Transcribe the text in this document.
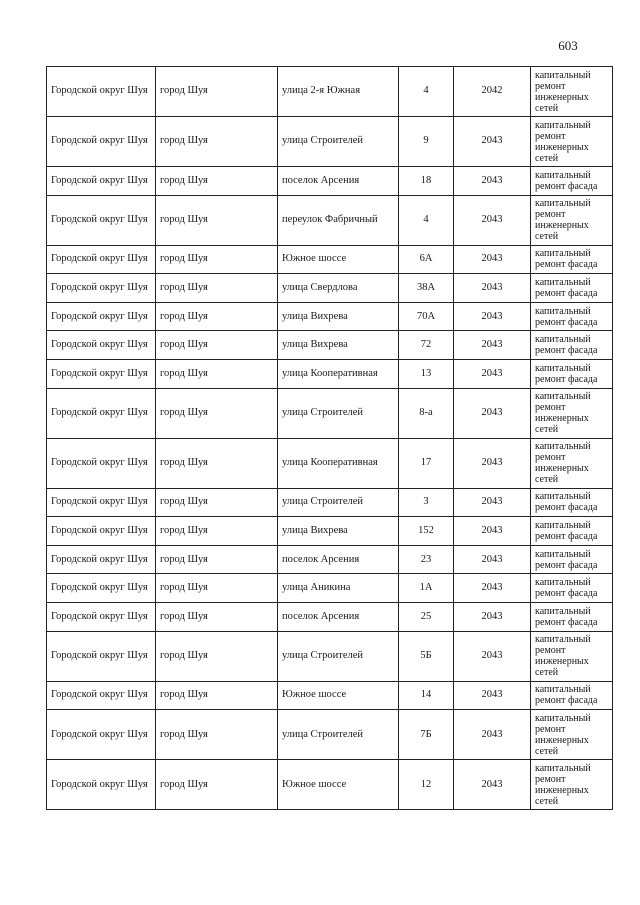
603
Городской округ Шуя	город Шуя	улица 2-я Южная	4	2042	капитальный ремонт инженерных сетей
Городской округ Шуя	город Шуя	улица Строителей	9	2043	капитальный ремонт инженерных сетей
Городской округ Шуя	город Шуя	поселок Арсения	18	2043	капитальный ремонт фасада
Городской округ Шуя	город Шуя	переулок Фабричный	4	2043	капитальный ремонт инженерных сетей
Городской округ Шуя	город Шуя	Южное шоссе	6А	2043	капитальный ремонт фасада
Городской округ Шуя	город Шуя	улица Свердлова	38А	2043	капитальный ремонт фасада
Городской округ Шуя	город Шуя	улица Вихрева	70А	2043	капитальный ремонт фасада
Городской округ Шуя	город Шуя	улица Вихрева	72	2043	капитальный ремонт фасада
Городской округ Шуя	город Шуя	улица Кооперативная	13	2043	капитальный ремонт фасада
Городской округ Шуя	город Шуя	улица Строителей	8-а	2043	капитальный ремонт инженерных сетей
Городской округ Шуя	город Шуя	улица Кооперативная	17	2043	капитальный ремонт инженерных сетей
Городской округ Шуя	город Шуя	улица Строителей	3	2043	капитальный ремонт фасада
Городской округ Шуя	город Шуя	улица Вихрева	152	2043	капитальный ремонт фасада
Городской округ Шуя	город Шуя	поселок Арсения	23	2043	капитальный ремонт фасада
Городской округ Шуя	город Шуя	улица Аникина	1А	2043	капитальный ремонт фасада
Городской округ Шуя	город Шуя	поселок Арсения	25	2043	капитальный ремонт фасада
Городской округ Шуя	город Шуя	улица Строителей	5Б	2043	капитальный ремонт инженерных сетей
Городской округ Шуя	город Шуя	Южное шоссе	14	2043	капитальный ремонт фасада
Городской округ Шуя	город Шуя	улица Строителей	7Б	2043	капитальный ремонт инженерных сетей
Городской округ Шуя	город Шуя	Южное шоссе	12	2043	капитальный ремонт инженерных сетей
